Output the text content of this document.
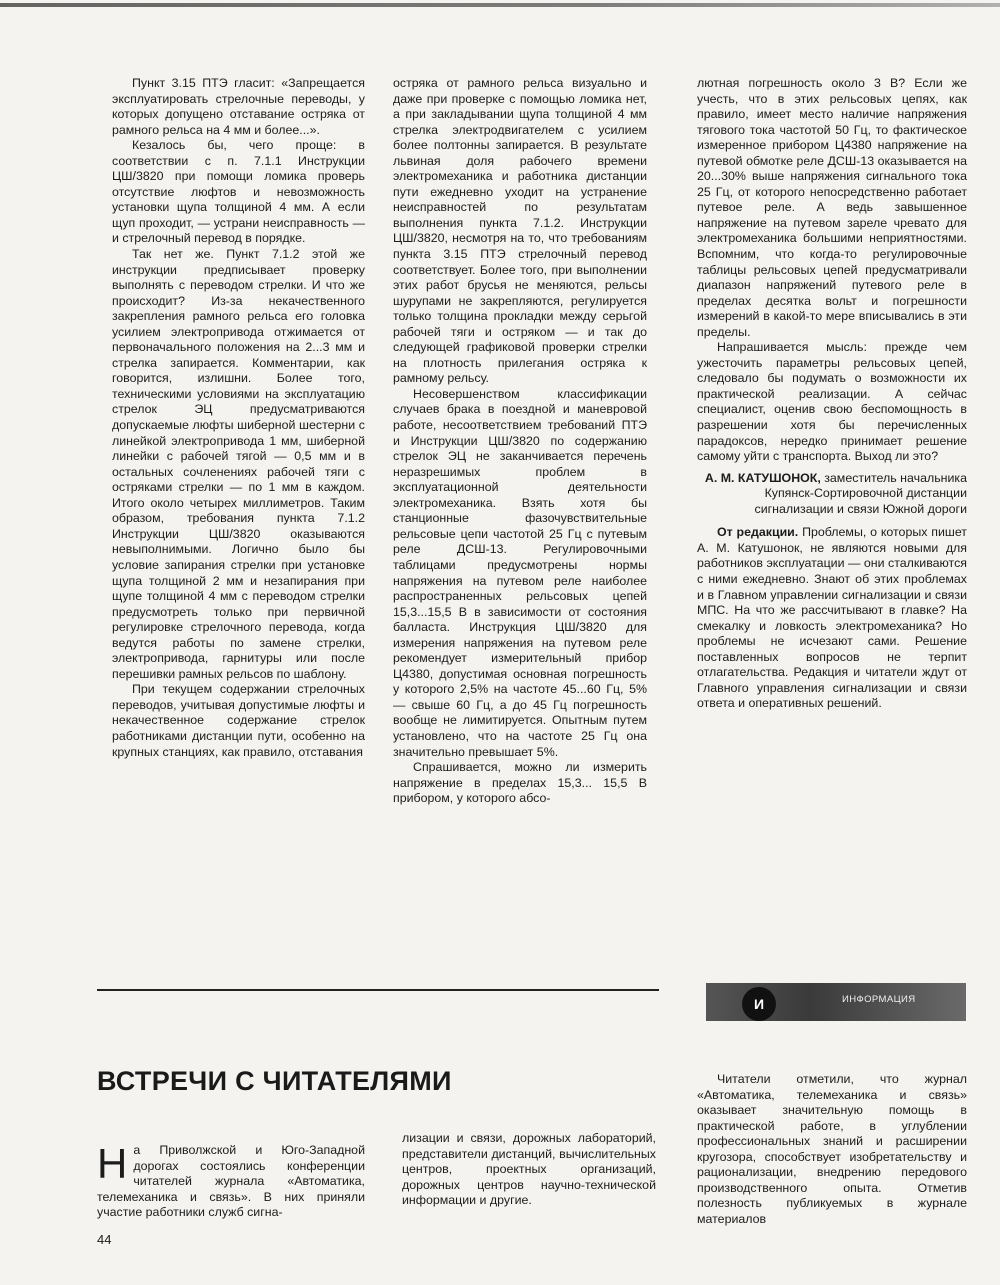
Пункт 3.15 ПТЭ гласит: «Запрещается эксплуатировать стрелочные переводы, у которых допущено отставание остряка от рамного рельса на 4 мм и более...».

Кезалось бы, чего проще: в соответствии с п. 7.1.1 Инструкции ЦШ/3820 при помощи ломика проверь отсутствие люфтов и невозможность установки щупа толщиной 4 мм. А если щуп проходит, — устрани неисправность — и стрелочный перевод в порядке.

Так нет же. Пункт 7.1.2 этой же инструкции предписывает проверку выполнять с переводом стрелки. И что же происходит? Из-за некачественного закрепления рамного рельса его головка усилием электропривода отжимается от первоначального положения на 2...3 мм и стрелка запирается. Комментарии, как говорится, излишни. Более того, техническими условиями на эксплуатацию стрелок ЭЦ предусматриваются допускаемые люфты шиберной шестерни с линейкой электропривода 1 мм, шиберной линейки с рабочей тягой — 0,5 мм и в остальных сочленениях рабочей тяги с остряками стрелки — по 1 мм в каждом. Итого около четырех миллиметров. Таким образом, требования пункта 7.1.2 Инструкции ЦШ/3820 оказываются невыполнимыми. Логично было бы условие запирания стрелки при установке щупа толщиной 2 мм и незапирания при щупе толщиной 4 мм с переводом стрелки предусмотреть только при первичной регулировке стрелочного перевода, когда ведутся работы по замене стрелки, электропривода, гарнитуры или после перешивки рамных рельсов по шаблону.

При текущем содержании стрелочных переводов, учитывая допустимые люфты и некачественное содержание стрелок работниками дистанции пути, особенно на крупных станциях, как правило, отставания

остряка от рамного рельса визуально и даже при проверке с помощью ломика нет, а при закладывании щупа толщиной 4 мм стрелка электродвигателем с усилием более полтонны запирается. В результате львиная доля рабочего времени электромеханика и работника дистанции пути ежедневно уходит на устранение неисправностей по результатам выполнения пункта 7.1.2. Инструкции ЦШ/3820, несмотря на то, что требованиям пункта 3.15 ПТЭ стрелочный перевод соответствует. Более того, при выполнении этих работ брусья не меняются, рельсы шурупами не закрепляются, регулируется только толщина прокладки между серьгой рабочей тяги и остряком — и так до следующей графиковой проверки стрелки на плотность прилегания остряка к рамному рельсу.

Несовершенством классификации случаев брака в поездной и маневровой работе, несоответствием требований ПТЭ и Инструкции ЦШ/3820 по содержанию стрелок ЭЦ не заканчивается перечень неразрешимых проблем в эксплуатационной деятельности электромеханика. Взять хотя бы станционные фазочувствительные рельсовые цепи частотой 25 Гц с путевым реле ДСШ-13. Регулировочными таблицами предусмотрены нормы напряжения на путевом реле наиболее распространенных рельсовых цепей 15,3...15,5 В в зависимости от состояния балласта. Инструкция ЦШ/3820 для измерения напряжения на путевом реле рекомендует измерительный прибор Ц4380, допустимая основная погрешность у которого 2,5% на частоте 45...60 Гц, 5% — свыше 60 Гц, а до 45 Гц погрешность вообще не лимитируется. Опытным путем установлено, что на частоте 25 Гц она значительно превышает 5%.

Спрашивается, можно ли измерить напряжение в пределах 15,3... 15,5 В прибором, у которого абсо-

лютная погрешность около 3 В? Если же учесть, что в этих рельсовых цепях, как правило, имеет место наличие напряжения тягового тока частотой 50 Гц, то фактическое измеренное прибором Ц4380 напряжение на путевой обмотке реле ДСШ-13 оказывается на 20...30% выше напряжения сигнального тока 25 Гц, от которого непосредственно работает путевое реле. А ведь завышенное напряжение на путевом зареле чревато для электромеханика большими неприятностями. Вспомним, что когда-то регулировочные таблицы рельсовых цепей предусматривали диапазон напряжений путевого реле в пределах десятка вольт и погрешности измерений в какой-то мере вписывались в эти пределы.

Напрашивается мысль: прежде чем ужесточить параметры рельсовых цепей, следовало бы подумать о возможности их практической реализации. А сейчас специалист, оценив свою беспомощность в разрешении хотя бы перечисленных парадоксов, нередко принимает решение самому уйти с транспорта. Выход ли это?

А. М. КАТУШОНОК, заместитель начальника Купянск-Сортировочной дистанции сигнализации и связи Южной дороги

От редакции. Проблемы, о которых пишет А. М. Катушонок, не являются новыми для работников эксплуатации — они сталкиваются с ними ежедневно. Знают об этих проблемах и в Главном управлении сигнализации и связи МПС. На что же рассчитывают в главке? На смекалку и ловкость электромеханика? Но проблемы не исчезают сами. Решение поставленных вопросов не терпит отлагательства. Редакция и читатели ждут от Главного управления сигнализации и связи ответа и оперативных решений.

И	ИНФОРМАЦИЯ
ВСТРЕЧИ С ЧИТАТЕЛЯМИ

На Приволжской и Юго-Западной дорогах состоялись конференции читателей журнала «Автоматика, телемеханика и связь». В них приняли участие работники служб сигна-

лизации и связи, дорожных лабораторий, представители дистанций, вычислительных центров, проектных организаций, дорожных центров научно-технической информации и другие.

Читатели отметили, что журнал «Автоматика, телемеханика и связь» оказывает значительную помощь в практической работе, в углублении профессиональных знаний и расширении кругозора, способствует изобретательству и рационализации, внедрению передового производственного опыта. Отметив полезность публикуемых в журнале материалов

44
